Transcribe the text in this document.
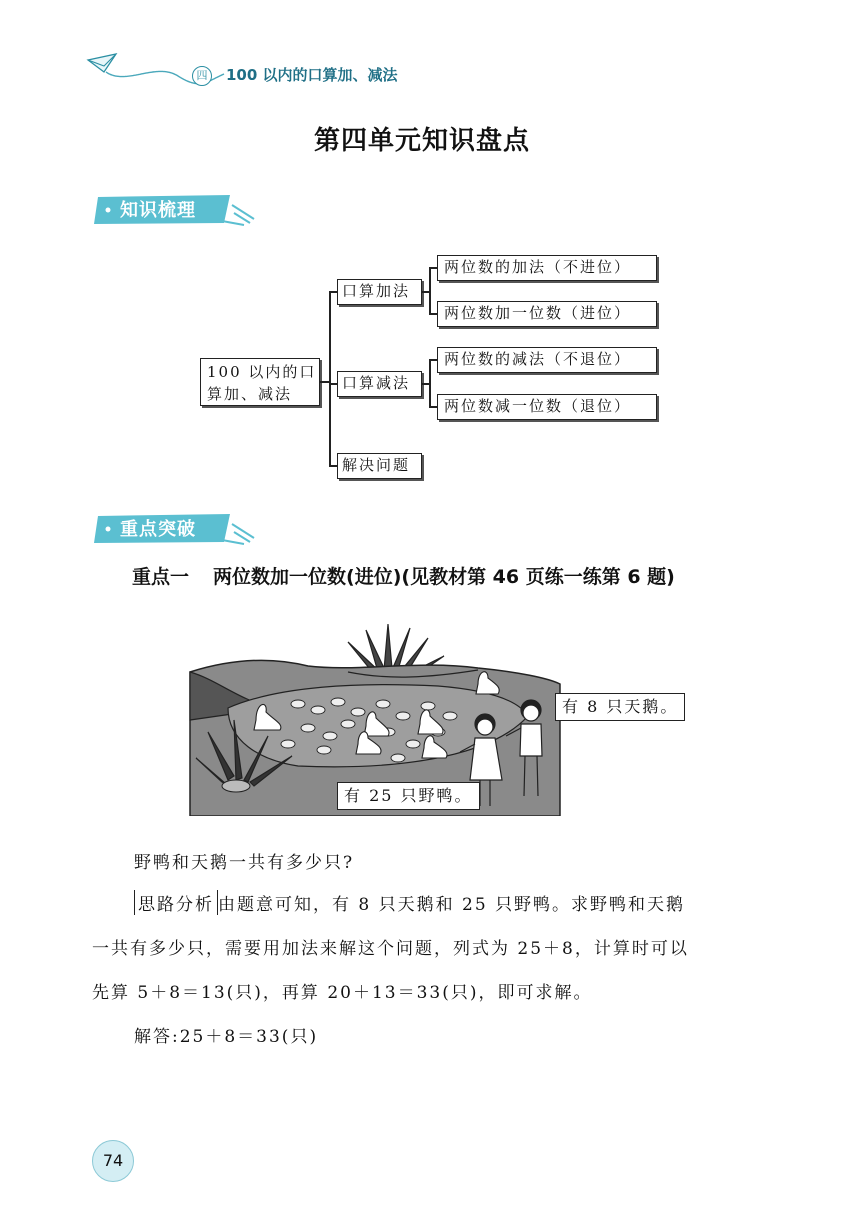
四	100 以内的口算加、减法
第四单元知识盘点
知识梳理
100 以内的口
算加、减法
口算加法
口算减法
解决问题
两位数的加法（不进位）
两位数加一位数（进位）
两位数的减法（不退位）
两位数减一位数（退位）
重点突破
重点一 两位数加一位数(进位)(见教材第 46 页练一练第 6 题)
有 8 只天鹅。
有 25 只野鸭。
野鸭和天鹅一共有多少只?
思路分析 由题意可知，有 8 只天鹅和 25 只野鸭。求野鸭和天鹅
一共有多少只，需要用加法来解这个问题，列式为 25＋8，计算时可以
先算 5＋8＝13(只)，再算 20＋13＝33(只)，即可求解。
解答:25＋8＝33(只)
74
